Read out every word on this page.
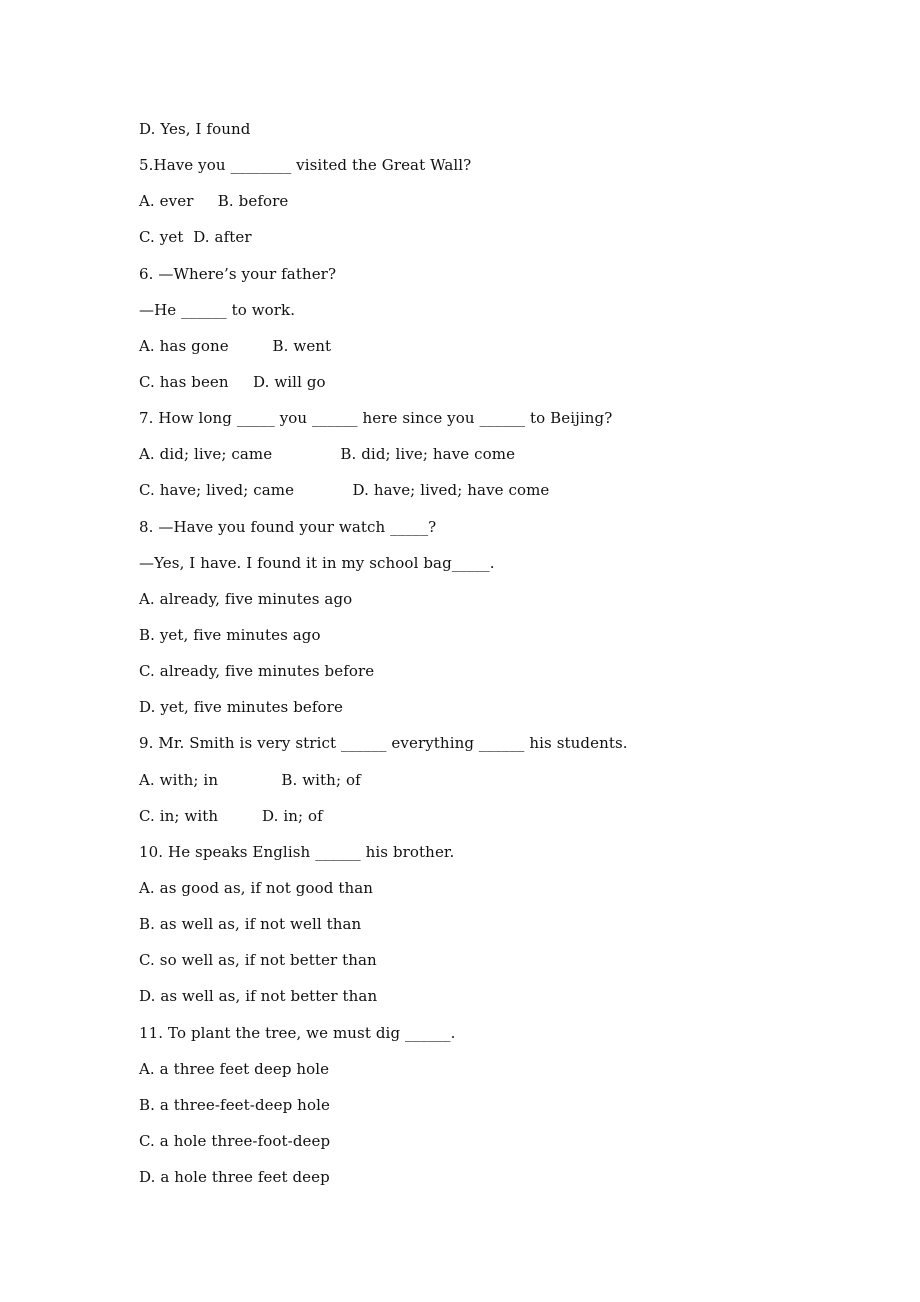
D. Yes, I found
5.Have you ________ visited the Great Wall?
A. ever     B. before
C. yet  D. after
6. —Where’s your father?
—He ______ to work.
A. has gone         B. went
C. has been     D. will go
7. How long _____ you ______ here since you ______ to Beijing?
A. did; live; came              B. did; live; have come
C. have; lived; came            D. have; lived; have come
8. —Have you found your watch _____?
—Yes, I have. I found it in my school bag_____.
A. already, five minutes ago
B. yet, five minutes ago
C. already, five minutes before
D. yet, five minutes before
9. Mr. Smith is very strict ______ everything ______ his students.
A. with; in             B. with; of
C. in; with         D. in; of
10. He speaks English ______ his brother.
A. as good as, if not good than
B. as well as, if not well than
C. so well as, if not better than
D. as well as, if not better than
11. To plant the tree, we must dig ______.
A. a three feet deep hole
B. a three-feet-deep hole
C. a hole three-foot-deep
D. a hole three feet deep
